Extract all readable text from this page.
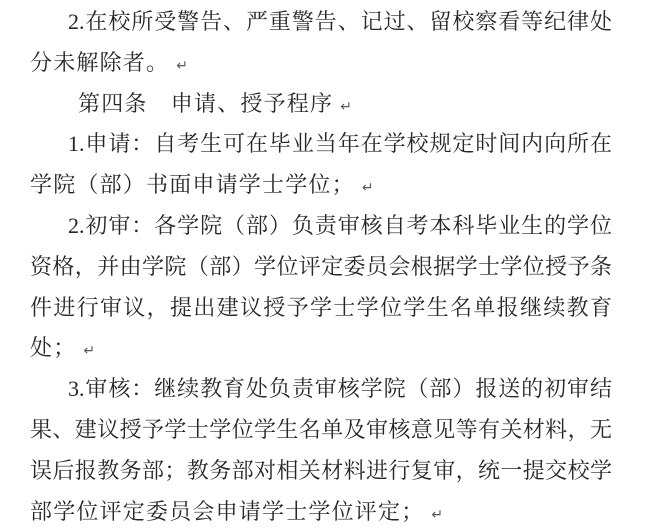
2.在校所受警告、严重警告、记过、留校察看等纪律处
分未解除者。 ↵
第四条　申请、授予程序 ↵
1.申请：自考生可在毕业当年在学校规定时间内向所在
学院（部）书面申请学士学位； ↵
2.初审：各学院（部）负责审核自考本科毕业生的学位
资格，并由学院（部）学位评定委员会根据学士学位授予条
件进行审议，提出建议授予学士学位学生名单报继续教育
处； ↵
3.审核：继续教育处负责审核学院（部）报送的初审结
果、建议授予学士学位学生名单及审核意见等有关材料，无
误后报教务部；教务部对相关材料进行复审，统一提交校学
部学位评定委员会申请学士学位评定； ↵
